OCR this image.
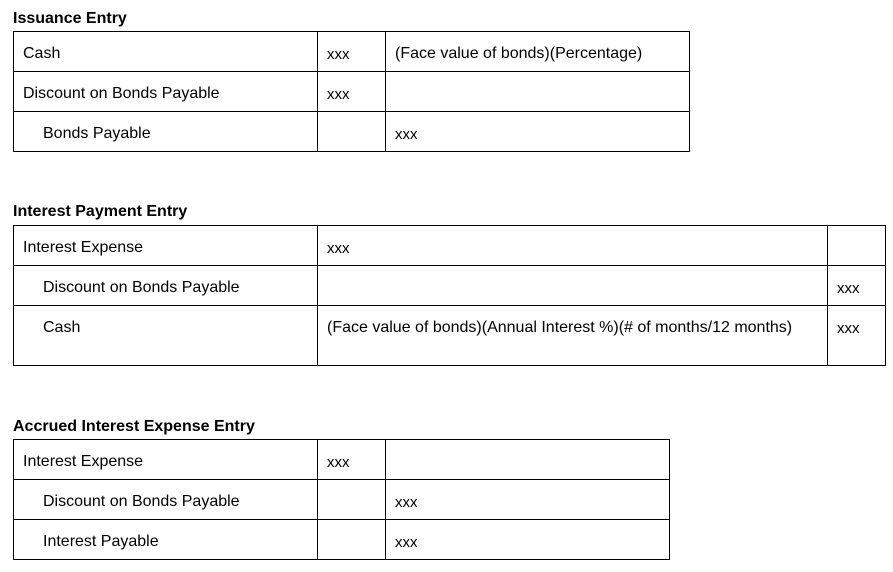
Issuance Entry
Cash	xxx	(Face value of bonds)(Percentage)
Discount on Bonds Payable	xxx	
Bonds Payable		xxx
Interest Payment Entry
Interest Expense	xxx	
Discount on Bonds Payable		xxx
Cash	(Face value of bonds)(Annual Interest %)(# of months/12 months)	xxx
Accrued Interest Expense Entry
Interest Expense	xxx	
Discount on Bonds Payable		xxx
Interest Payable		xxx
